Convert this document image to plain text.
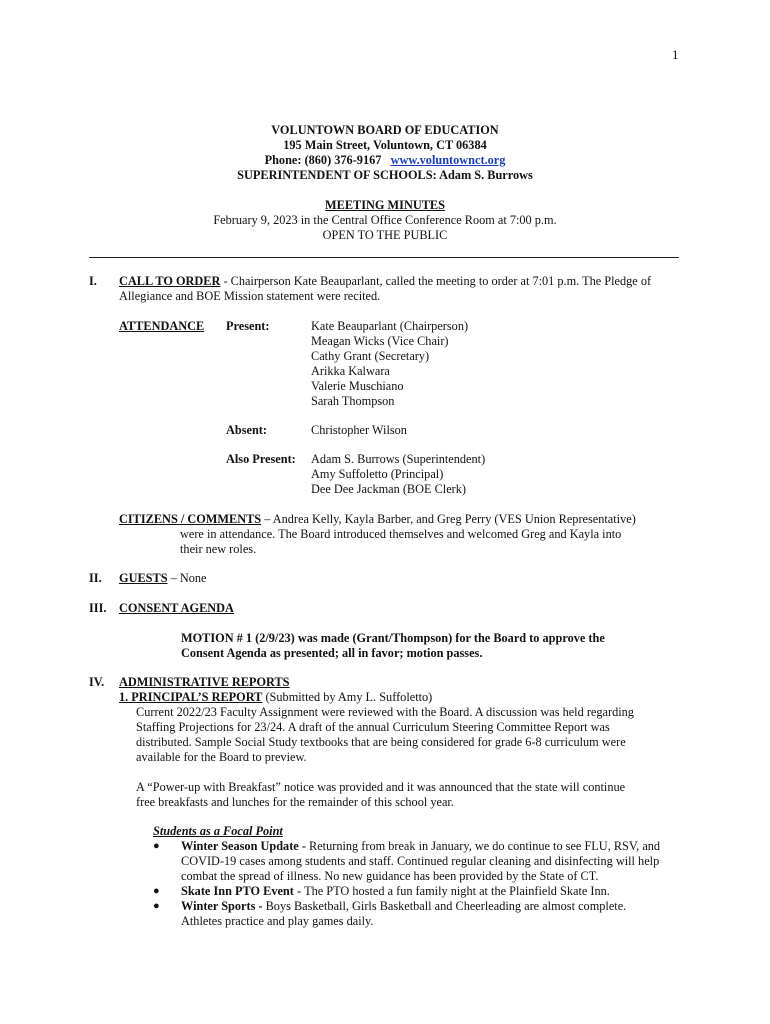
1
VOLUNTOWN BOARD OF EDUCATION
195 Main Street, Voluntown, CT 06384
Phone: (860) 376-9167 www.voluntownct.org
SUPERINTENDENT OF SCHOOLS: Adam S. Burrows
MEETING MINUTES
February 9, 2023 in the Central Office Conference Room at 7:00 p.m.
OPEN TO THE PUBLIC
I. CALL TO ORDER - Chairperson Kate Beauparlant, called the meeting to order at 7:01 p.m. The Pledge of
Allegiance and BOE Mission statement were recited.
ATTENDANCE Present:	Kate Beauparlant (Chairperson)
Meagan Wicks (Vice Chair)
Cathy Grant (Secretary)
Arikka Kalwara
Valerie Muschiano
Sarah Thompson
Absent:	Christopher Wilson
Also Present: Adam S. Burrows (Superintendent)
Amy Suffoletto (Principal)
Dee Dee Jackman (BOE Clerk)
CITIZENS / COMMENTS – Andrea Kelly, Kayla Barber, and Greg Perry (VES Union Representative)
were in attendance. The Board introduced themselves and welcomed Greg and Kayla into
their new roles.
II. GUESTS – None
III. CONSENT AGENDA
MOTION # 1 (2/9/23) was made (Grant/Thompson) for the Board to approve the
Consent Agenda as presented; all in favor; motion passes.
IV. ADMINISTRATIVE REPORTS
1. PRINCIPAL’S REPORT (Submitted by Amy L. Suffoletto)
Current 2022/23 Faculty Assignment were reviewed with the Board. A discussion was held regarding
Staffing Projections for 23/24. A draft of the annual Curriculum Steering Committee Report was
distributed. Sample Social Study textbooks that are being considered for grade 6-8 curriculum were
available for the Board to preview.
A “Power-up with Breakfast” notice was provided and it was announced that the state will continue
free breakfasts and lunches for the remainder of this school year.
Students as a Focal Point
● Winter Season Update - Returning from break in January, we do continue to see FLU, RSV, and
COVID-19 cases among students and staff. Continued regular cleaning and disinfecting will help
combat the spread of illness. No new guidance has been provided by the State of CT.
● Skate Inn PTO Event - The PTO hosted a fun family night at the Plainfield Skate Inn.
● Winter Sports - Boys Basketball, Girls Basketball and Cheerleading are almost complete.
Athletes practice and play games daily.
